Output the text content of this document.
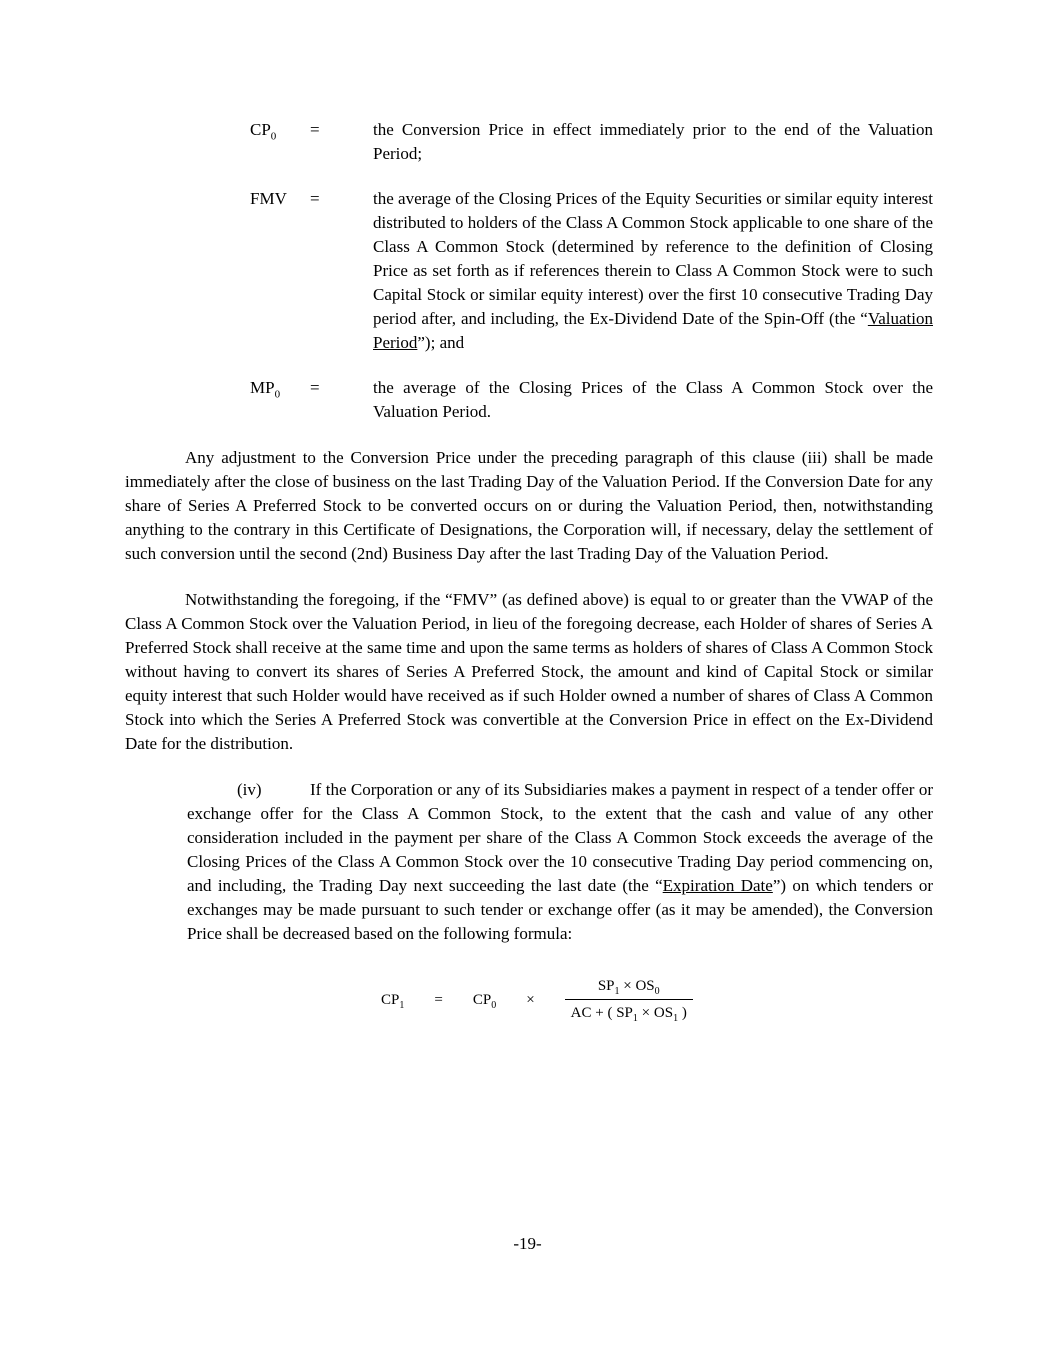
$CP_0$	=	the Conversion Price in effect immediately prior to the end of the Valuation Period;
FMV	=	the average of the Closing Prices of the Equity Securities or similar equity interest distributed to holders of the Class A Common Stock applicable to one share of the Class A Common Stock (determined by reference to the definition of Closing Price as set forth as if references therein to Class A Common Stock were to such Capital Stock or similar equity interest) over the first 10 consecutive Trading Day period after, and including, the Ex-Dividend Date of the Spin-Off (the “Valuation Period”); and
$MP_0$	=	the average of the Closing Prices of the Class A Common Stock over the Valuation Period.

Any adjustment to the Conversion Price under the preceding paragraph of this clause (iii) shall be made immediately after the close of business on the last Trading Day of the Valuation Period. If the Conversion Date for any share of Series A Preferred Stock to be converted occurs on or during the Valuation Period, then, notwithstanding anything to the contrary in this Certificate of Designations, the Corporation will, if necessary, delay the settlement of such conversion until the second (2nd) Business Day after the last Trading Day of the Valuation Period.

Notwithstanding the foregoing, if the “FMV” (as defined above) is equal to or greater than the VWAP of the Class A Common Stock over the Valuation Period, in lieu of the foregoing decrease, each Holder of shares of Series A Preferred Stock shall receive at the same time and upon the same terms as holders of shares of Class A Common Stock without having to convert its shares of Series A Preferred Stock, the amount and kind of Capital Stock or similar equity interest that such Holder would have received as if such Holder owned a number of shares of Class A Common Stock into which the Series A Preferred Stock was convertible at the Conversion Price in effect on the Ex-Dividend Date for the distribution.

(iv)	If the Corporation or any of its Subsidiaries makes a payment in respect of a tender offer or exchange offer for the Class A Common Stock, to the extent that the cash and value of any other consideration included in the payment per share of the Class A Common Stock exceeds the average of the Closing Prices of the Class A Common Stock over the 10 consecutive Trading Day period commencing on, and including, the Trading Day next succeeding the last date (the “Expiration Date”) on which tenders or exchanges may be made pursuant to such tender or exchange offer (as it may be amended), the Conversion Price shall be decreased based on the following formula:

$CP_1 = CP_0 \times \frac{SP_1 \times OS_0}{AC + ( SP_1 \times OS_1 )}$
-19-
